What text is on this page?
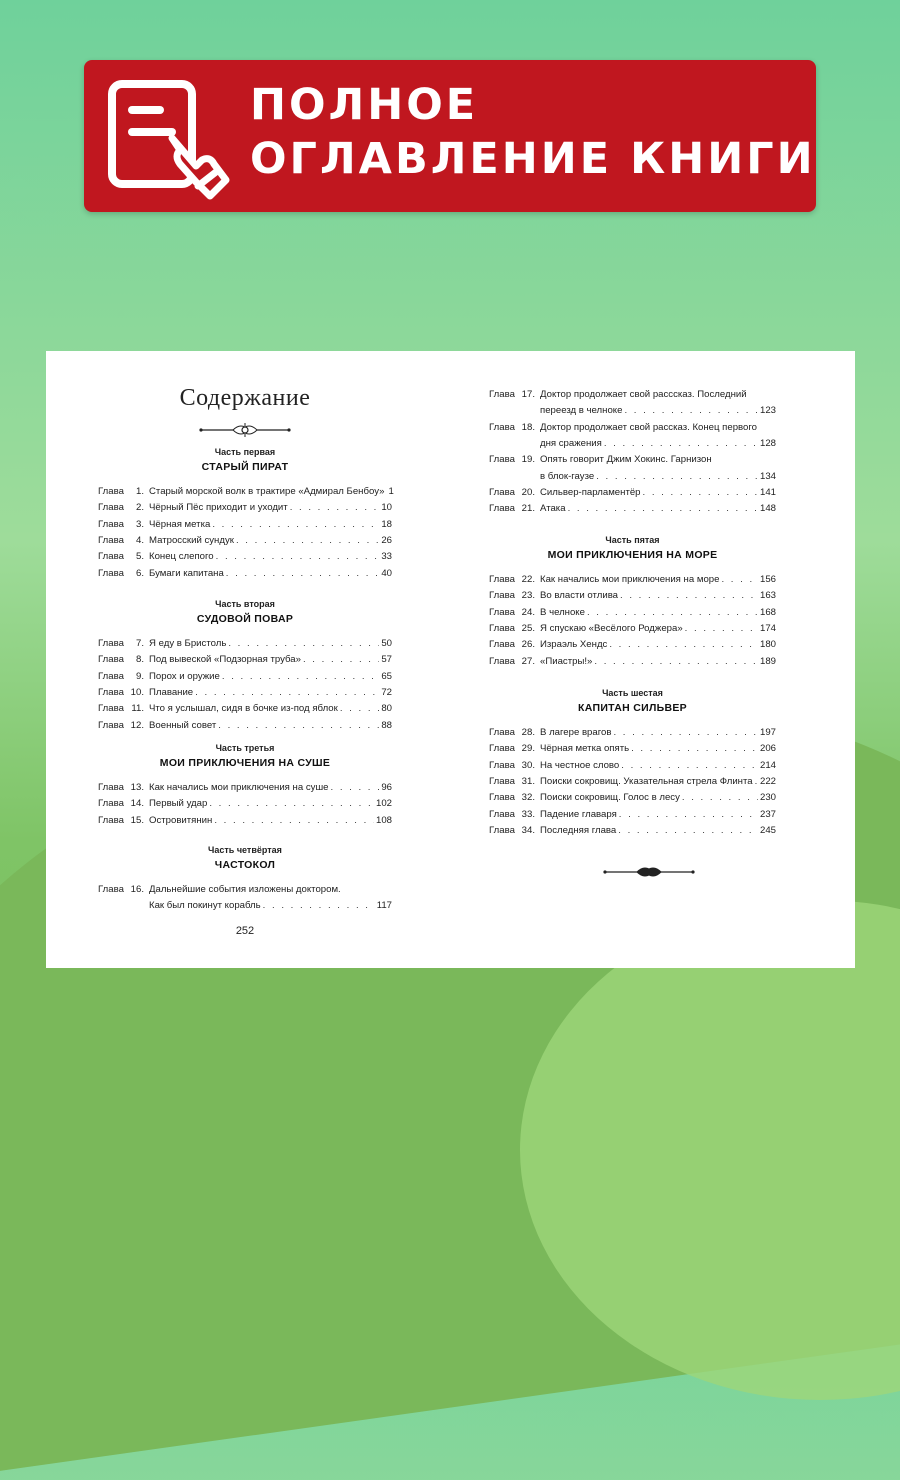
ПОЛНОЕ
ОГЛАВЛЕНИЕ КНИГИ
Содержание
252
Часть первая
СТАРЫЙ ПИРАТ
Глава	1. Старый морской волк в трактире «Адмирал Бенбоу» 1
Глава	2. Чёрный Пёс приходит и уходит . . .	10
Глава	3. Чёрная метка . . .	18
Глава	4. Матросский сундук . . .	26
Глава	5. Конец слепого . . .	33
Глава	6. Бумаги капитана . . .	40
Часть вторая
СУДОВОЙ ПОВАР
Глава	7. Я еду в Бристоль . . .	50
Глава	8. Под вывеской «Подзорная труба» . . .	57
Глава	9. Порох и оружие . . .	65
Глава 10. Плавание . . .	72
Глава 11. Что я услышал, сидя в бочке из-под яблок . . .	80
Глава 12. Военный совет . . .	88
Часть третья
МОИ ПРИКЛЮЧЕНИЯ НА СУШЕ
Глава 13. Как начались мои приключения на суше . . .	96
Глава 14. Первый удар . . .	102
Глава 15. Островитянин . . .	108
Часть четвёртая
ЧАСТОКОЛ
Глава 16. Дальнейшие события изложены доктором.
Как был покинут корабль . . .	117
Глава 17. Доктор продолжает свой расссказ. Последний
переезд в челноке . . .	123
Глава 18. Доктор продолжает свой рассказ. Конец первого
дня сражения . . .	128
Глава 19. Опять говорит Джим Хокинс. Гарнизон
в блок-гаузе . . .	134
Глава 20. Сильвер-парламентёр . . .	141
Глава 21. Атака . . .	148
Часть пятая
МОИ ПРИКЛЮЧЕНИЯ НА МОРЕ
Глава 22. Как начались мои приключения на море . . .	156
Глава 23. Во власти отлива . . .	163
Глава 24. В челноке . . .	168
Глава 25. Я спускаю «Весёлого Роджера» . . .	174
Глава 26. Израэль Хендс . . .	180
Глава 27. «Пиастры!» . . .	189
Часть шестая
КАПИТАН СИЛЬВЕР
Глава 28. В лагере врагов . . .	197
Глава 29. Чёрная метка опять . . .	206
Глава 30. На честное слово . . .	214
Глава 31. Поиски сокровищ. Указательная стрела Флинта . . . 222
Глава 32. Поиски сокровищ. Голос в лесу . . .	230
Глава 33. Падение главаря . . .	237
Глава 34. Последняя глава . . .	245
